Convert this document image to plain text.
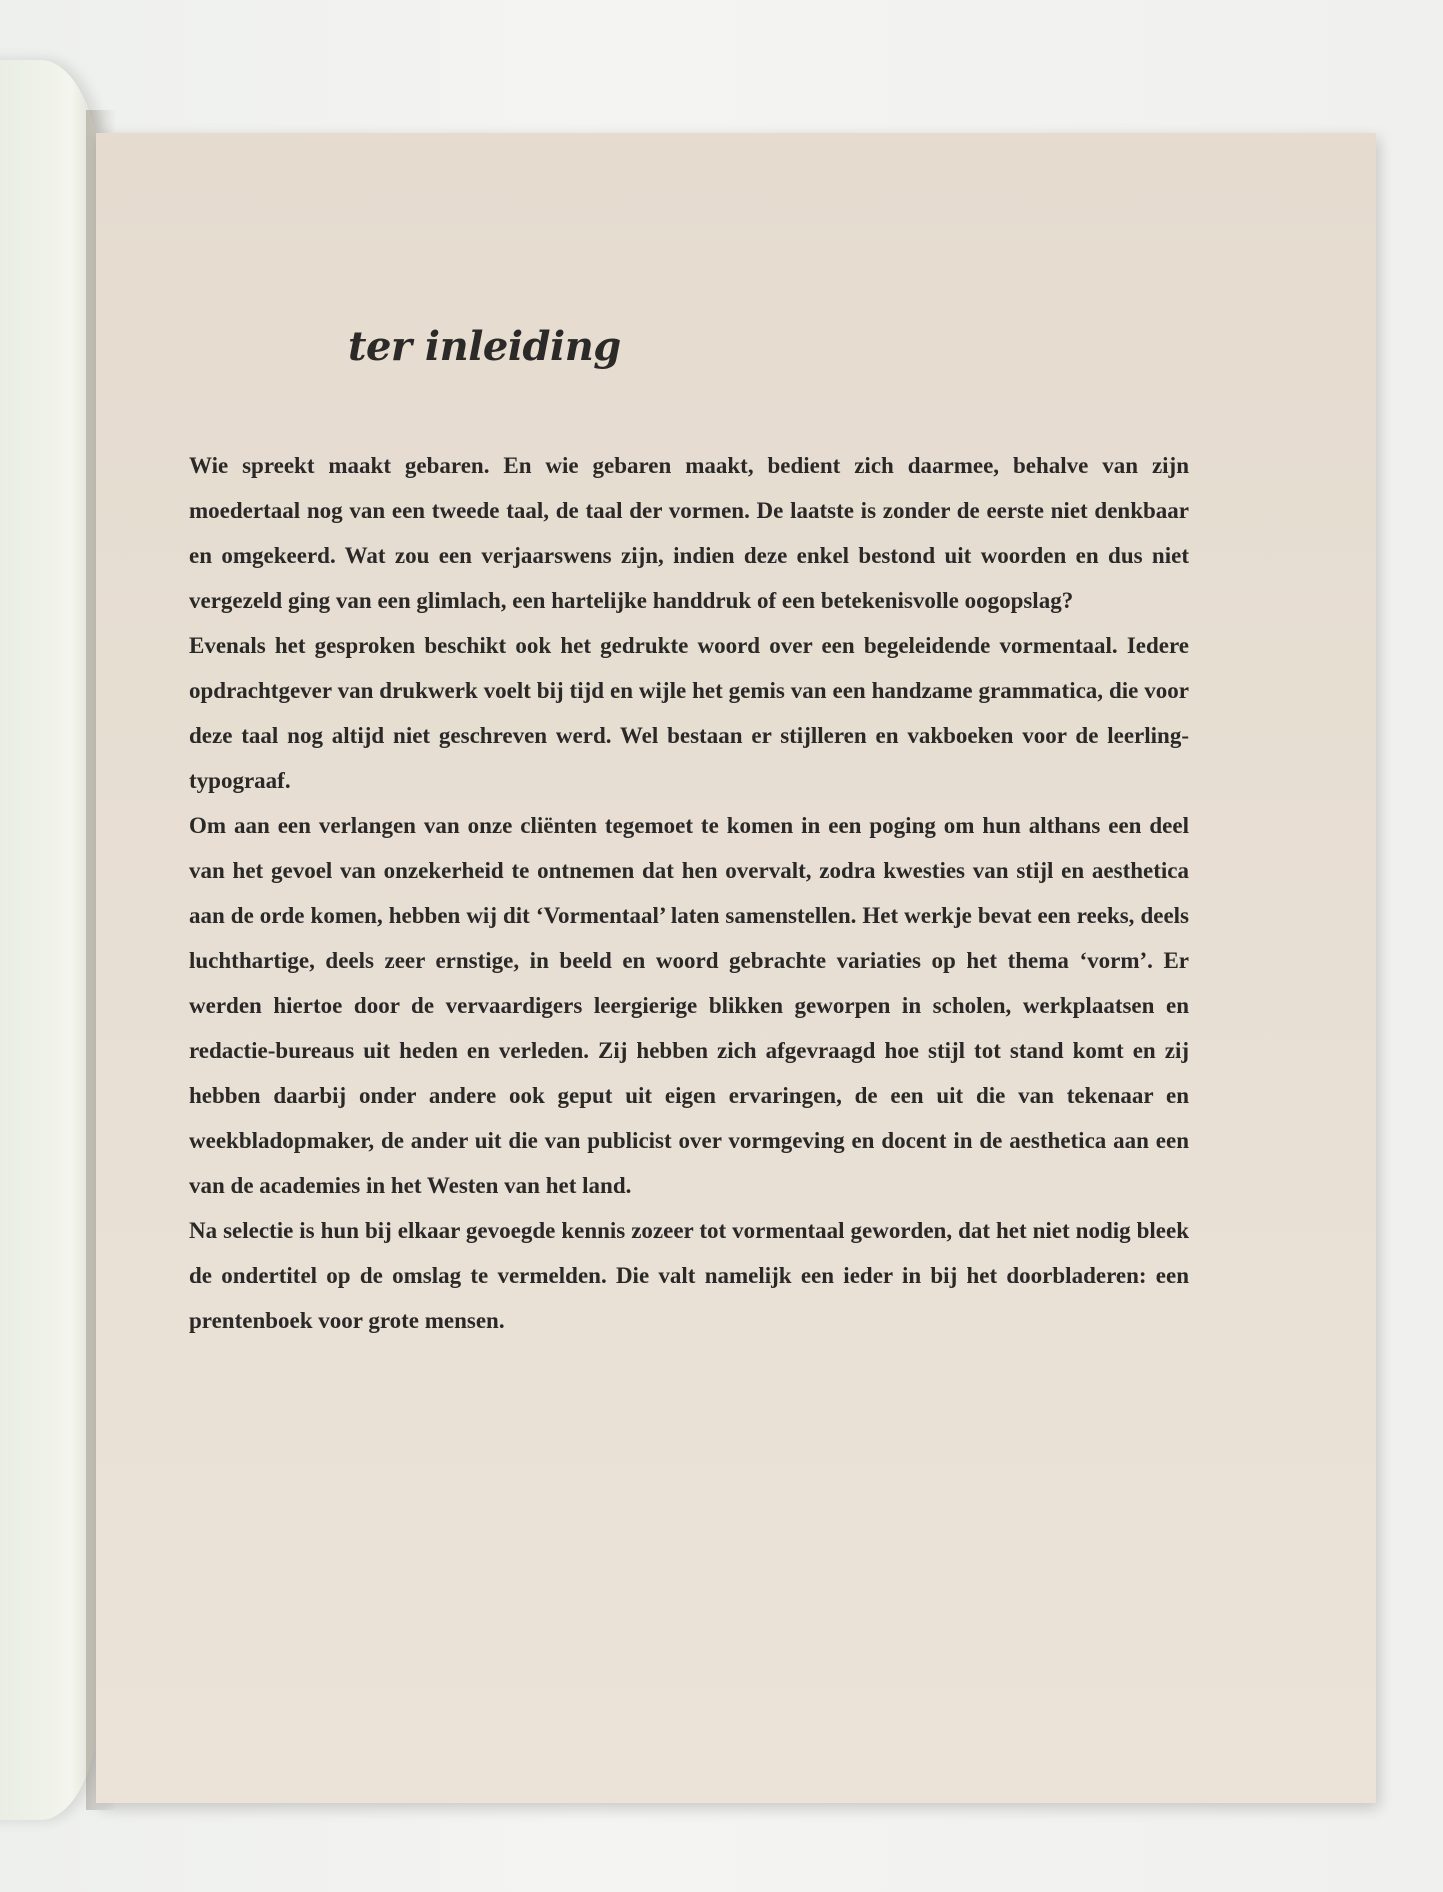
ter inleiding

Wie spreekt maakt gebaren. En wie gebaren maakt, bedient zich daarmee, behalve van zijn moedertaal nog van een tweede taal, de taal der vormen. De laatste is zonder de eerste niet denkbaar en omgekeerd. Wat zou een verjaarswens zijn, indien deze enkel bestond uit woorden en dus niet vergezeld ging van een glimlach, een hartelijke handdruk of een betekenisvolle oogopslag?

Evenals het gesproken beschikt ook het gedrukte woord over een begeleidende vormentaal. Iedere opdrachtgever van drukwerk voelt bij tijd en wijle het gemis van een handzame grammatica, die voor deze taal nog altijd niet geschreven werd. Wel bestaan er stijlleren en vakboeken voor de leerling-typograaf.

Om aan een verlangen van onze cliënten tegemoet te komen in een poging om hun althans een deel van het gevoel van onzekerheid te ontnemen dat hen overvalt, zodra kwesties van stijl en aesthetica aan de orde komen, hebben wij dit ‘Vormentaal’ laten samenstellen. Het werkje bevat een reeks, deels luchthartige, deels zeer ernstige, in beeld en woord gebrachte variaties op het thema ‘vorm’. Er werden hiertoe door de vervaardigers leergierige blikken geworpen in scholen, werkplaatsen en redactie-bureaus uit heden en verleden. Zij hebben zich afgevraagd hoe stijl tot stand komt en zij hebben daarbij onder andere ook geput uit eigen ervaringen, de een uit die van tekenaar en weekbladopmaker, de ander uit die van publicist over vormgeving en docent in de aesthetica aan een van de academies in het Westen van het land.

Na selectie is hun bij elkaar gevoegde kennis zozeer tot vormentaal geworden, dat het niet nodig bleek de ondertitel op de omslag te vermelden. Die valt namelijk een ieder in bij het doorbladeren: een prentenboek voor grote mensen.
